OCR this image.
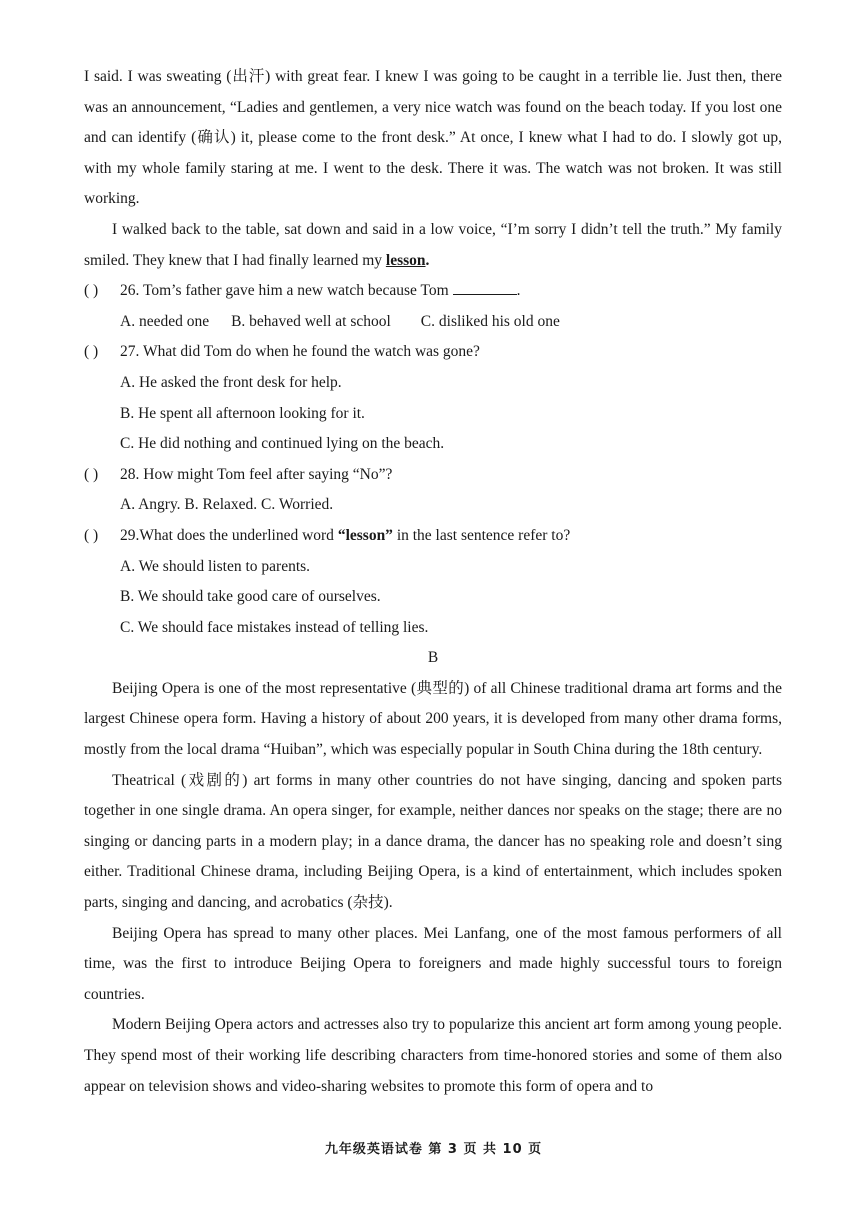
I said. I was sweating (出汗) with great fear. I knew I was going to be caught in a terrible lie. Just then, there was an announcement, “Ladies and gentlemen, a very nice watch was found on the beach today. If you lost one and can identify (确认) it, please come to the front desk.” At once, I knew what I had to do. I slowly got up, with my whole family staring at me. I went to the desk. There it was. The watch was not broken. It was still working.

I walked back to the table, sat down and said in a low voice, “I’m sorry I didn’t tell the truth.” My family smiled. They knew that I had finally learned my lesson.

( )	26. Tom’s father gave him a new watch because Tom	.
A. needed one B. behaved well at school C. disliked his old one
( )	27. What did Tom do when he found the watch was gone?
A. He asked the front desk for help.
B. He spent all afternoon looking for it.
C. He did nothing and continued lying on the beach.
( )	28. How might Tom feel after saying “No”?
A. Angry. B. Relaxed. C. Worried.
( )	29.What does the underlined word “lesson” in the last sentence refer to?
A. We should listen to parents.
B. We should take good care of ourselves.
C. We should face mistakes instead of telling lies.
B

Beijing Opera is one of the most representative (典型的) of all Chinese traditional drama art forms and the largest Chinese opera form. Having a history of about 200 years, it is developed from many other drama forms, mostly from the local drama “Huiban”, which was especially popular in South China during the 18th century.

Theatrical (戏剧的) art forms in many other countries do not have singing, dancing and spoken parts together in one single drama. An opera singer, for example, neither dances nor speaks on the stage; there are no singing or dancing parts in a modern play; in a dance drama, the dancer has no speaking role and doesn’t sing either. Traditional Chinese drama, including Beijing Opera, is a kind of entertainment, which includes spoken parts, singing and dancing, and acrobatics (杂技).

Beijing Opera has spread to many other places. Mei Lanfang, one of the most famous performers of all time, was the first to introduce Beijing Opera to foreigners and made highly successful tours to foreign countries.

Modern Beijing Opera actors and actresses also try to popularize this ancient art form among young people. They spend most of their working life describing characters from time-honored stories and some of them also appear on television shows and video-sharing websites to promote this form of opera and to

九年级英语试卷 第 3 页 共 10 页
